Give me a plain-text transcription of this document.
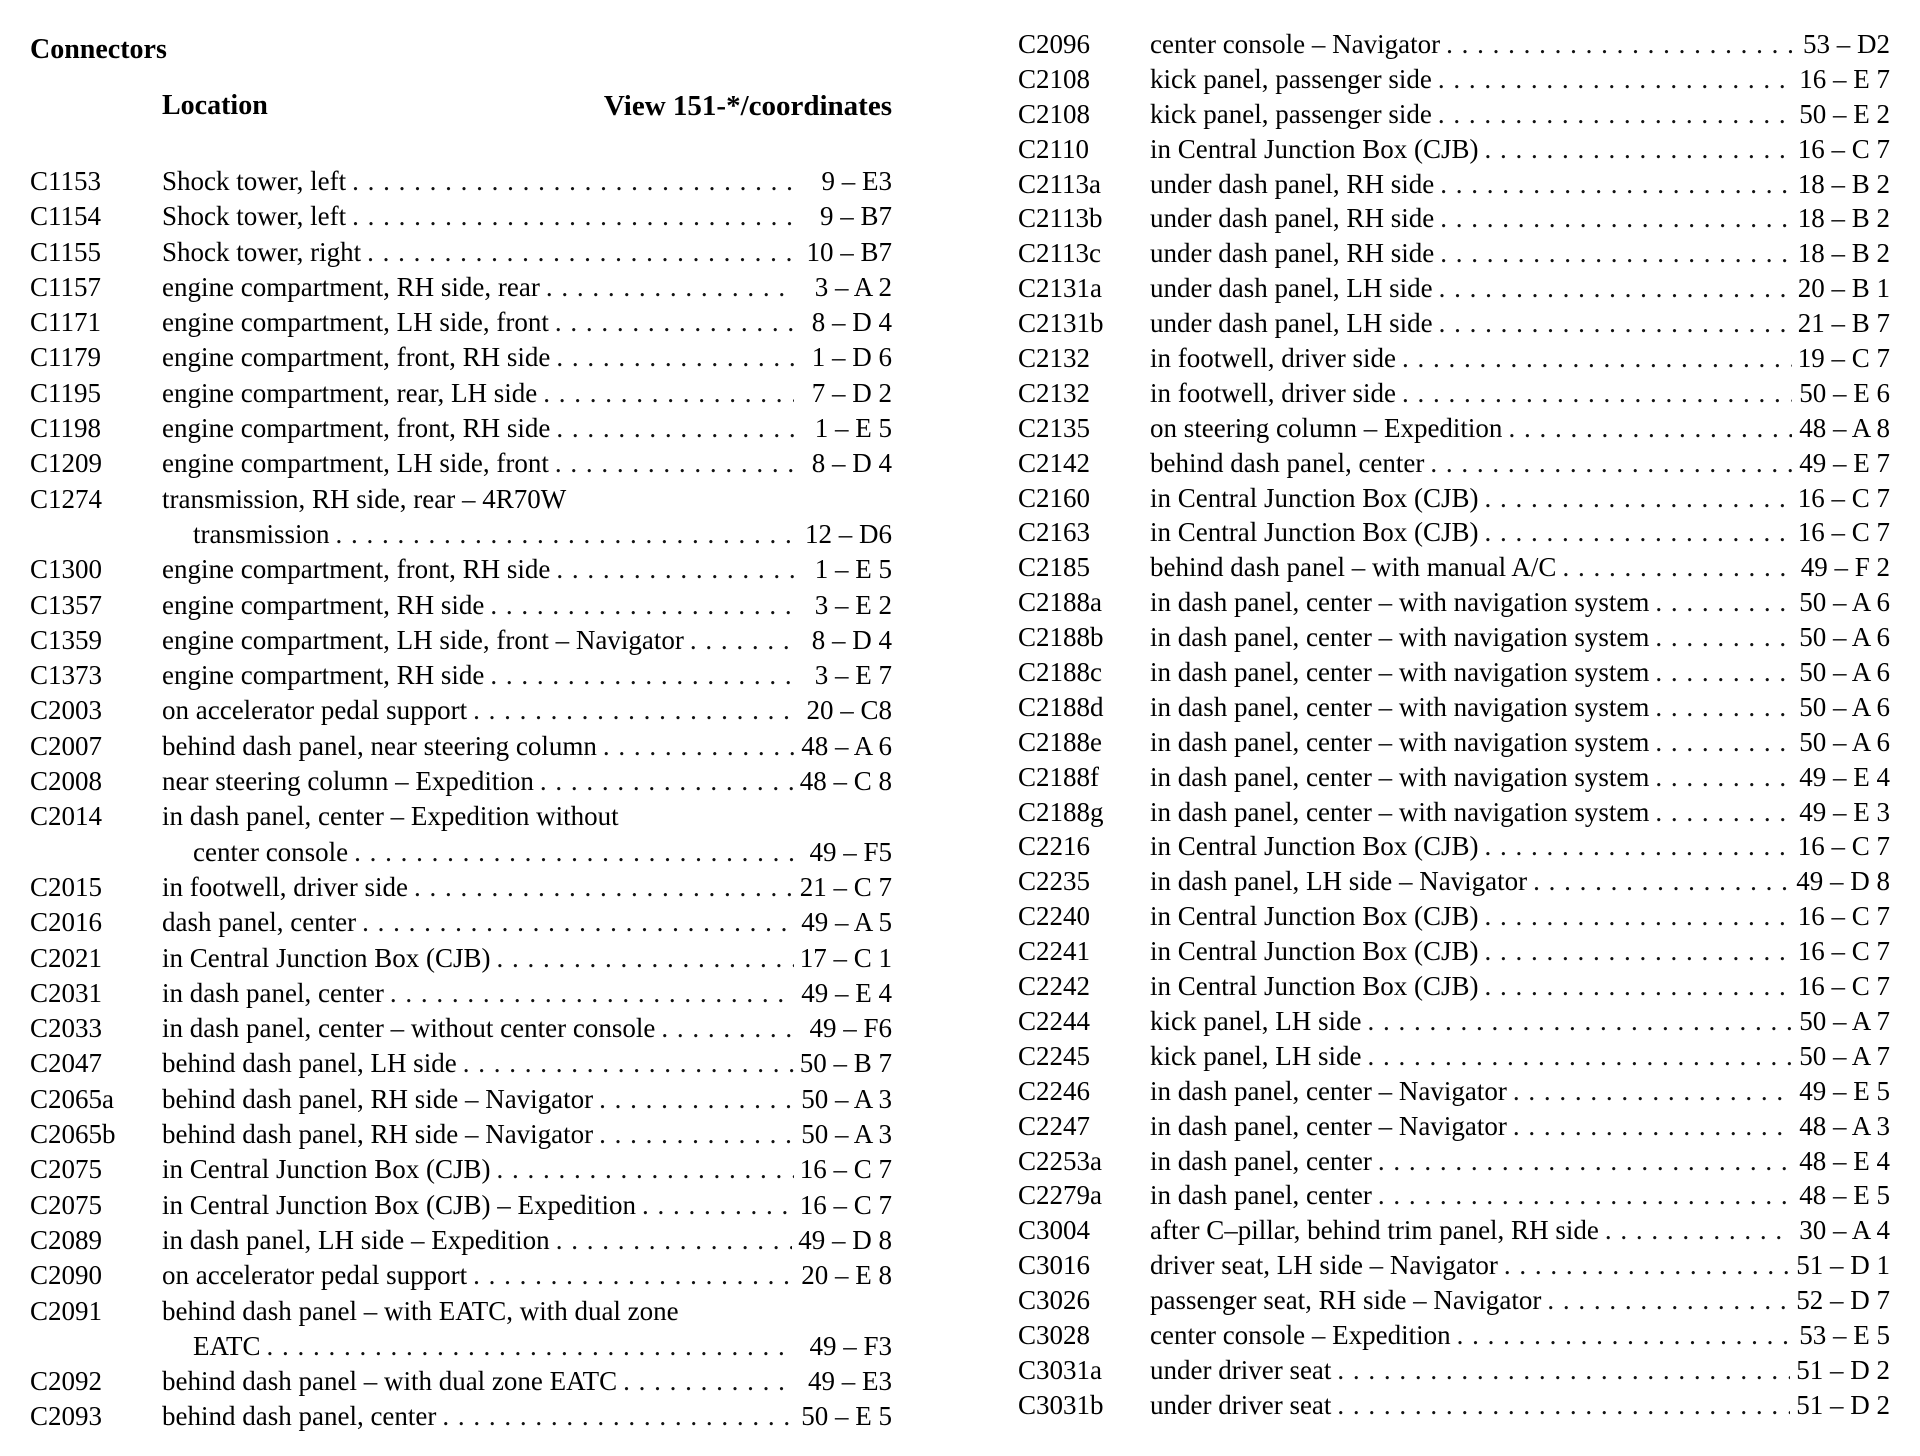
Connectors
Location	View 151-*/coordinates
C1153 Shock tower, left . . .	9 – E3
C1154 Shock tower, left . . .	9 – B7
C1155 Shock tower, right . . .	10 – B7
C1157 engine compartment, RH side, rear . . .	3 – A 2
C1171 engine compartment, LH side, front . . .	8 – D 4
C1179 engine compartment, front, RH side . . .	1 – D 6
C1195 engine compartment, rear, LH side . . .	7 – D 2
C1198 engine compartment, front, RH side . . .	1 – E 5
C1209 engine compartment, LH side, front . . .	8 – D 4
C1274 transmission, RH side, rear – 4R70W
transmission . . .	12 – D6
C1300 engine compartment, front, RH side . . .	1 – E 5
C1357 engine compartment, RH side . . .	3 – E 2
C1359 engine compartment, LH side, front – Navigator . . .	8 – D 4
C1373 engine compartment, RH side . . .	3 – E 7
C2003 on accelerator pedal support . . .	20 – C8
C2007 behind dash panel, near steering column . . .	48 – A 6
C2008 near steering column – Expedition . . .	48 – C 8
C2014 in dash panel, center – Expedition without
center console . . .	49 – F5
C2015 in footwell, driver side . . .	21 – C 7
C2016 dash panel, center . . .	49 – A 5
C2021 in Central Junction Box (CJB) . . .	17 – C 1
C2031 in dash panel, center . . .	49 – E 4
C2033 in dash panel, center – without center console . . .	49 – F6
C2047 behind dash panel, LH side . . .	50 – B 7
C2065a behind dash panel, RH side – Navigator . . .	50 – A 3
C2065b behind dash panel, RH side – Navigator . . .	50 – A 3
C2075 in Central Junction Box (CJB) . . .	16 – C 7
C2075 in Central Junction Box (CJB) – Expedition . . .	16 – C 7
C2089 in dash panel, LH side – Expedition . . .	49 – D 8
C2090 on accelerator pedal support . . .	20 – E 8
C2091 behind dash panel – with EATC, with dual zone
EATC . . .	49 – F3
C2092 behind dash panel – with dual zone EATC . . .	49 – E3
C2093 behind dash panel, center . . .	50 – E 5
C2096 center console – Navigator . . .	53 – D2
C2108 kick panel, passenger side . . .	16 – E 7
C2108 kick panel, passenger side . . .	50 – E 2
C2110 in Central Junction Box (CJB) . . .	16 – C 7
C2113a under dash panel, RH side . . .	18 – B 2
C2113b under dash panel, RH side . . .	18 – B 2
C2113c under dash panel, RH side . . .	18 – B 2
C2131a under dash panel, LH side . . .	20 – B 1
C2131b under dash panel, LH side . . .	21 – B 7
C2132 in footwell, driver side . . .	19 – C 7
C2132 in footwell, driver side . . .	50 – E 6
C2135 on steering column – Expedition . . .	48 – A 8
C2142 behind dash panel, center . . .	49 – E 7
C2160 in Central Junction Box (CJB) . . .	16 – C 7
C2163 in Central Junction Box (CJB) . . .	16 – C 7
C2185 behind dash panel – with manual A/C . . .	49 – F 2
C2188a in dash panel, center – with navigation system . . .	50 – A 6
C2188b in dash panel, center – with navigation system . . .	50 – A 6
C2188c in dash panel, center – with navigation system . . .	50 – A 6
C2188d in dash panel, center – with navigation system . . .	50 – A 6
C2188e in dash panel, center – with navigation system . . .	50 – A 6
C2188f in dash panel, center – with navigation system . . .	49 – E 4
C2188g in dash panel, center – with navigation system . . .	49 – E 3
C2216 in Central Junction Box (CJB) . . .	16 – C 7
C2235 in dash panel, LH side – Navigator . . .	49 – D 8
C2240 in Central Junction Box (CJB) . . .	16 – C 7
C2241 in Central Junction Box (CJB) . . .	16 – C 7
C2242 in Central Junction Box (CJB) . . .	16 – C 7
C2244 kick panel, LH side . . .	50 – A 7
C2245 kick panel, LH side . . .	50 – A 7
C2246 in dash panel, center – Navigator . . .	49 – E 5
C2247 in dash panel, center – Navigator . . .	48 – A 3
C2253a in dash panel, center . . .	48 – E 4
C2279a in dash panel, center . . .	48 – E 5
C3004 after C–pillar, behind trim panel, RH side . . .	30 – A 4
C3016 driver seat, LH side – Navigator . . .	51 – D 1
C3026 passenger seat, RH side – Navigator . . .	52 – D 7
C3028 center console – Expedition . . .	53 – E 5
C3031a under driver seat . . .	51 – D 2
C3031b under driver seat . . .	51 – D 2
